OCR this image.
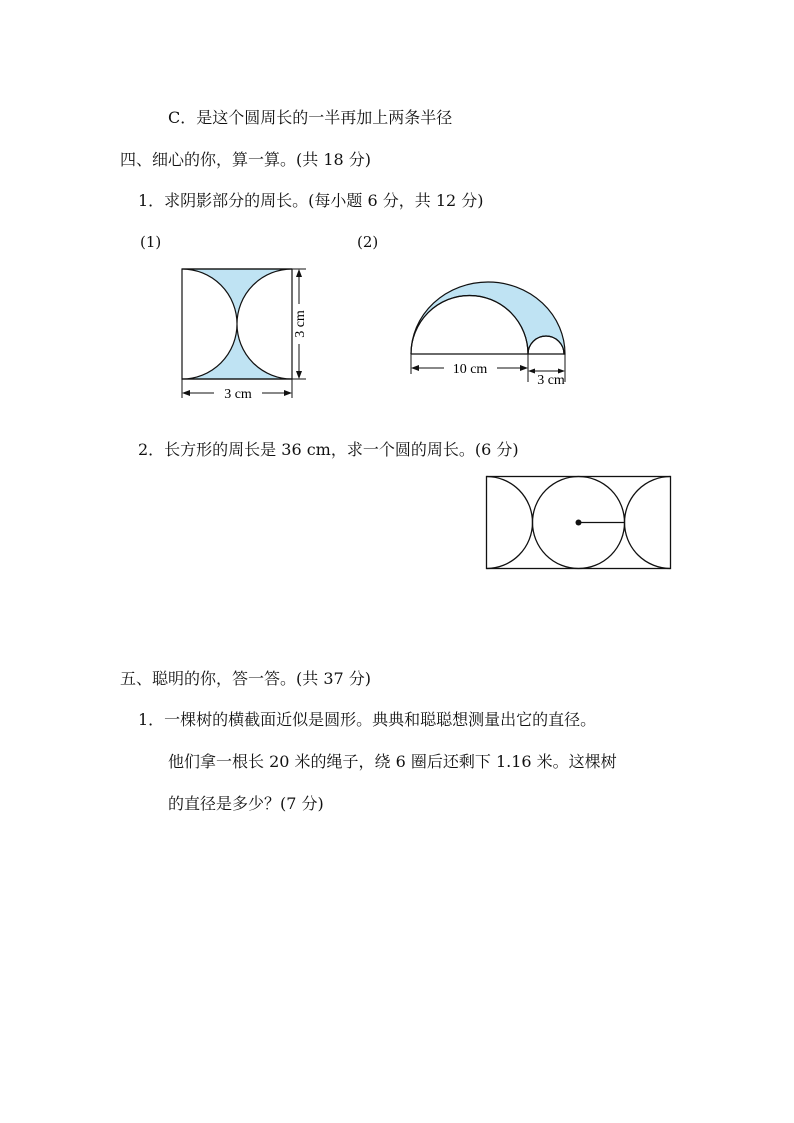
C．是这个圆周长的一半再加上两条半径
四、细心的你，算一算。(共 18 分)
1．求阴影部分的周长。(每小题 6 分，共 12 分)
(1)	(2)
3 cm
3 cm
10 cm
3 cm
2．长方形的周长是 36 cm，求一个圆的周长。(6 分)
五、聪明的你，答一答。(共 37 分)
1．一棵树的横截面近似是圆形。典典和聪聪想测量出它的直径。
他们拿一根长 20 米的绳子，绕 6 圈后还剩下 1.16 米。这棵树
的直径是多少？(7 分)
